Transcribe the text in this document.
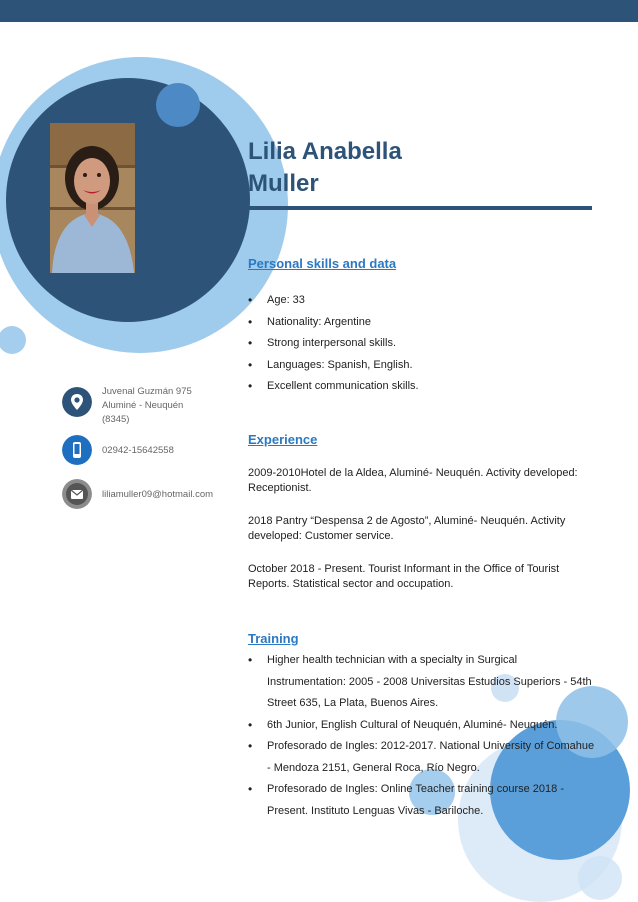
Lilia Anabella
Muller
Juvenal Guzmán 975
Aluminé - Neuquén
(8345)
02942-15642558
liliamuller09@hotmail.com
Personal skills and data
• Age: 33
• Nationality: Argentine
• Strong interpersonal skills.
• Languages: Spanish, English.
• Excellent communication skills.
Experience

2009-2010Hotel de la Aldea, Aluminé- Neuquén. Activity developed: Receptionist.

2018 Pantry “Despensa 2 de Agosto”, Aluminé- Neuquén. Activity developed: Customer service.

October 2018 - Present. Tourist Informant in the Office of Tourist Reports. Statistical sector and occupation.

Training
• Higher health technician with a specialty in Surgical
Instrumentation: 2005 - 2008 Universitas Estudios Superiors - 54th
Street 635, La Plata, Buenos Aires.
• 6th Junior, English Cultural of Neuquén, Aluminé- Neuquén.
• Profesorado de Ingles: 2012-2017. National University of Comahue
- Mendoza 2151, General Roca, Río Negro.
• Profesorado de Ingles: Online Teacher training course 2018 -
Present. Instituto Lenguas Vivas - Bariloche.
